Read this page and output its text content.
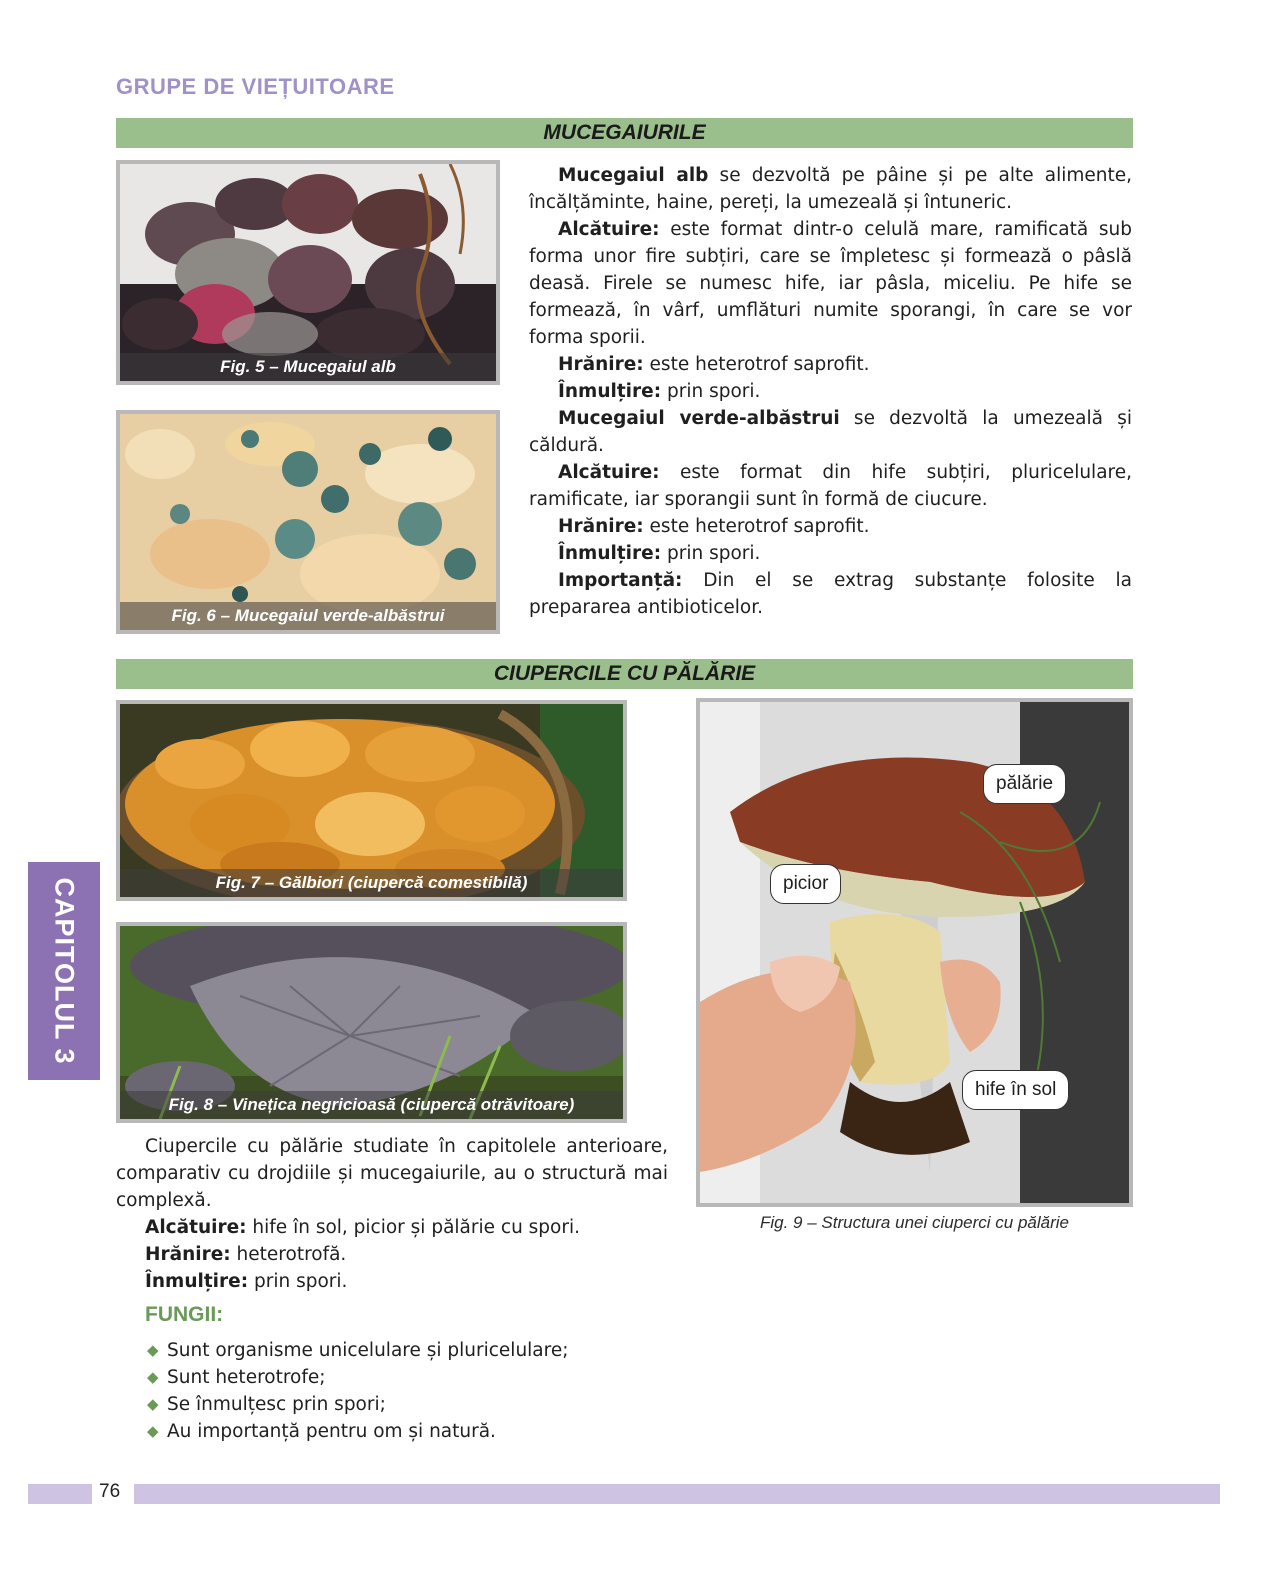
GRUPE DE VIEȚUITOARE
MUCEGAIURILE
Fig. 5 – Mucegaiul alb
Fig. 6 – Mucegaiul verde-albăstrui

Mucegaiul alb se dezvoltă pe pâine și pe alte alimente, încălțăminte, haine, pereți, la umezeală și întuneric.

Alcătuire: este format dintr-o celulă mare, ramificată sub forma unor fire subțiri, care se împletesc și formează o pâslă deasă. Firele se numesc hife, iar pâsla, miceliu. Pe hife se formează, în vârf, umflături numite sporangi, în care se vor forma sporii.

Hrănire: este heterotrof saprofit.

Înmulțire: prin spori.

Mucegaiul verde-albăstrui se dezvoltă la umezeală și căldură.

Alcătuire: este format din hife subțiri, pluricelulare, ramificate, iar sporangii sunt în formă de ciucure.

Hrănire: este heterotrof saprofit.

Înmulțire: prin spori.

Importanță: Din el se extrag substanțe folosite la prepararea antibioticelor.

CIUPERCILE CU PĂLĂRIE
Fig. 7 – Gălbiori (ciupercă comestibilă)
Fig. 8 – Vinețica negricioasă (ciupercă otrăvitoare)
pălărie
picior
hife în sol
Fig. 9 – Structura unei ciuperci cu pălărie

Ciupercile cu pălărie studiate în capitolele anterioare, comparativ cu drojdiile și mucegaiurile, au o structură mai complexă.

Alcătuire: hife în sol, picior și pălărie cu spori.

Hrănire: heterotrofă.

Înmulțire: prin spori.

FUNGII:
◆ Sunt organisme unicelulare și pluricelulare;
◆ Sunt heterotrofe;
◆ Se înmulțesc prin spori;
◆ Au importanță pentru om și natură.
CAPITOLUL 3
76
